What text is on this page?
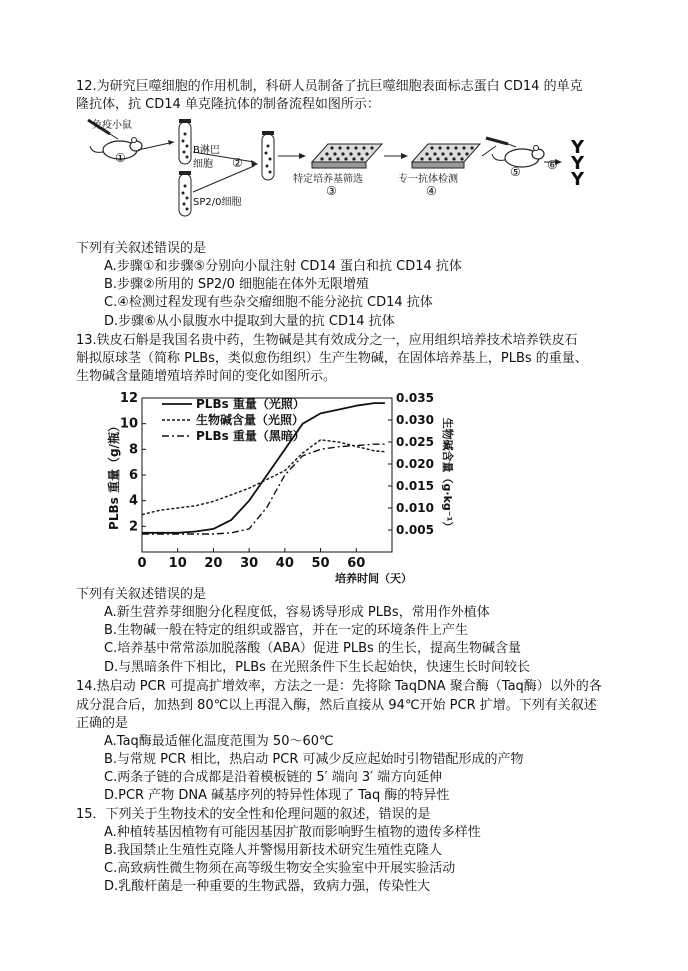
12.为研究巨噬细胞的作用机制，科研人员制备了抗巨噬细胞表面标志蛋白 CD14 的单克
隆抗体，抗 CD14 单克隆抗体的制备流程如图所示：
免疫小鼠
①
B淋巴
细胞 ②
SP2/0细胞
特定培养基筛选
③
专一抗体检测
④
⑤ ⑥
Y Y Y
下列有关叙述错误的是
A.步骤①和步骤⑤分别向小鼠注射 CD14 蛋白和抗 CD14 抗体
B.步骤②所用的 SP2/0 细胞能在体外无限增殖
C.④检测过程发现有些杂交瘤细胞不能分泌抗 CD14 抗体
D.步骤⑥从小鼠腹水中提取到大量的抗 CD14 抗体
13.铁皮石斛是我国名贵中药，生物碱是其有效成分之一，应用组织培养技术培养铁皮石
斛拟原球茎（简称 PLBs，类似愈伤组织）生产生物碱，在固体培养基上，PLBs 的重量、
生物碱含量随增殖培养时间的变化如图所示。
0 10 20 30 40 50 60
2
4
6
8
10
12
0.005
0.010
0.015
0.020
0.025
0.030
0.035
PLBs 重量（g/瓶）	生物碱含量（g·kg⁻¹）
培养时间（天）
PLBs 重量（光照）
生物碱含量（光照）
PLBs 重量（黑暗）
下列有关叙述错误的是
A.新生营养芽细胞分化程度低，容易诱导形成 PLBs，常用作外植体
B.生物碱一般在特定的组织或器官，并在一定的环境条件上产生
C.培养基中常常添加脱落酸（ABA）促进 PLBs 的生长，提高生物碱含量
D.与黑暗条件下相比，PLBs 在光照条件下生长起始快，快速生长时间较长
14.热启动 PCR 可提高扩增效率，方法之一是：先将除 TaqDNA 聚合酶（Taq酶）以外的各
成分混合后，加热到 80℃以上再混入酶，然后直接从 94℃开始 PCR 扩增。下列有关叙述
正确的是
A.Taq酶最适催化温度范围为 50～60℃
B.与常规 PCR 相比，热启动 PCR 可减少反应起始时引物错配形成的产物
C.两条子链的合成都是沿着模板链的 5′ 端向 3′ 端方向延伸
D.PCR 产物 DNA 碱基序列的特异性体现了 Taq 酶的特异性
15．下列关于生物技术的安全性和伦理问题的叙述，错误的是
A.种植转基因植物有可能因基因扩散而影响野生植物的遗传多样性
B.我国禁止生殖性克隆人并警惕用新技术研究生殖性克隆人
C.高致病性微生物须在高等级生物安全实验室中开展实验活动
D.乳酸杆菌是一种重要的生物武器，致病力强，传染性大
